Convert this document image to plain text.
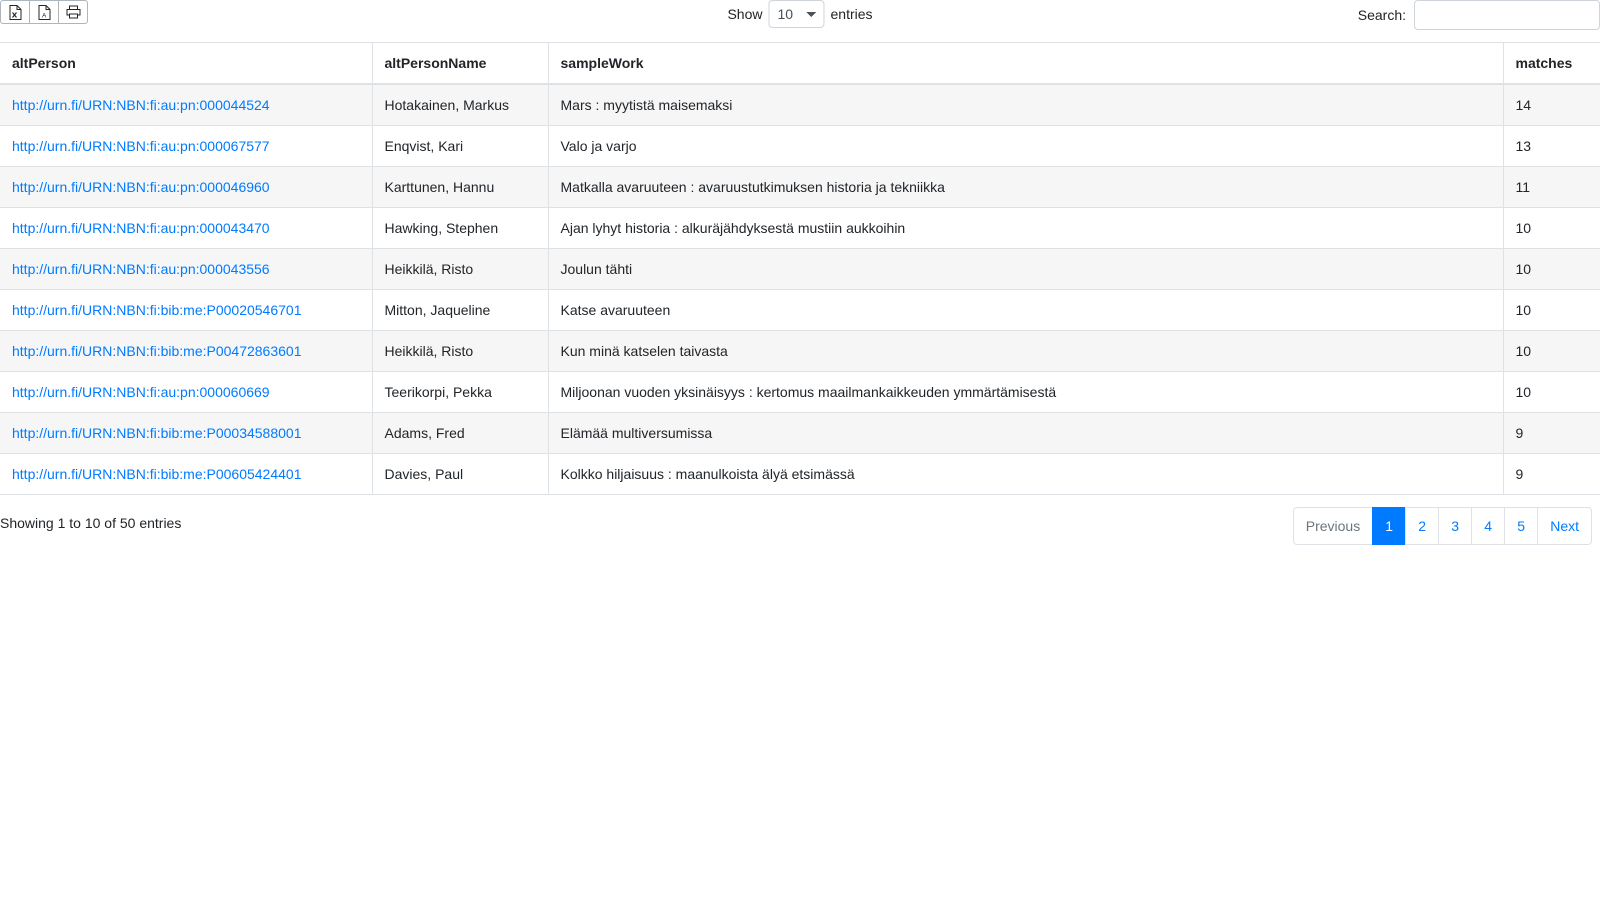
A	Show
10	entries	Search:
altPerson	altPersonName	sampleWork	matches
http://urn.fi/URN:NBN:fi:au:pn:000044524	Hotakainen, Markus	Mars : myytistä maisemaksi	14
http://urn.fi/URN:NBN:fi:au:pn:000067577	Enqvist, Kari	Valo ja varjo	13
http://urn.fi/URN:NBN:fi:au:pn:000046960	Karttunen, Hannu	Matkalla avaruuteen : avaruustutkimuksen historia ja tekniikka	11
http://urn.fi/URN:NBN:fi:au:pn:000043470	Hawking, Stephen	Ajan lyhyt historia : alkuräjähdyksestä mustiin aukkoihin	10
http://urn.fi/URN:NBN:fi:au:pn:000043556	Heikkilä, Risto	Joulun tähti	10
http://urn.fi/URN:NBN:fi:bib:me:P00020546701	Mitton, Jaqueline	Katse avaruuteen	10
http://urn.fi/URN:NBN:fi:bib:me:P00472863601	Heikkilä, Risto	Kun minä katselen taivasta	10
http://urn.fi/URN:NBN:fi:au:pn:000060669	Teerikorpi, Pekka	Miljoonan vuoden yksinäisyys : kertomus maailmankaikkeuden ymmärtämisestä	10
http://urn.fi/URN:NBN:fi:bib:me:P00034588001	Adams, Fred	Elämää multiversumissa	9
http://urn.fi/URN:NBN:fi:bib:me:P00605424401	Davies, Paul	Kolkko hiljaisuus : maanulkoista älyä etsimässä	9
Showing 1 to 10 of 50 entries	Previous	1	2	3	4	5	Next
